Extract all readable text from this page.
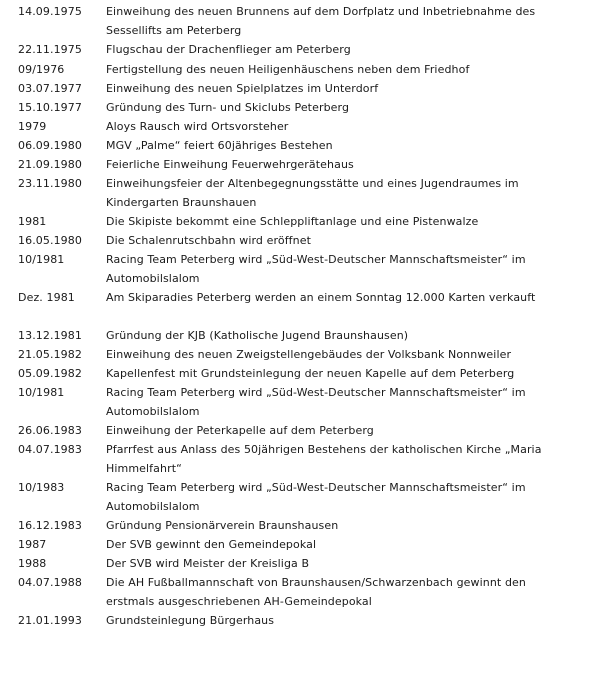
14.09.1975 Einweihung des neuen Brunnens auf dem Dorfplatz und Inbetriebnahme des Sessellifts am Peterberg
22.11.1975 Flugschau der Drachenflieger am Peterberg
09/1976	Fertigstellung des neuen Heiligenhäuschens neben dem Friedhof
03.07.1977 Einweihung des neuen Spielplatzes im Unterdorf
15.10.1977 Gründung des Turn- und Skiclubs Peterberg
1979	Aloys Rausch wird Ortsvorsteher
06.09.1980 MGV „Palme“ feiert 60jähriges Bestehen
21.09.1980 Feierliche Einweihung Feuerwehrgerätehaus
23.11.1980 Einweihungsfeier der Altenbegegnungsstätte und eines Jugendraumes im Kindergarten Braunshauen
1981	Die Skipiste bekommt eine Schleppliftanlage und eine Pistenwalze
16.05.1980 Die Schalenrutschbahn wird eröffnet
10/1981	Racing Team Peterberg wird „Süd-West-Deutscher Mannschaftsmeister“ im Automobilslalom
Dez. 1981	Am Skiparadies Peterberg werden an einem Sonntag 12.000 Karten verkauft
13.12.1981 Gründung der KJB (Katholische Jugend Braunshausen)
21.05.1982 Einweihung des neuen Zweigstellengebäudes der Volksbank Nonnweiler
05.09.1982 Kapellenfest mit Grundsteinlegung der neuen Kapelle auf dem Peterberg
10/1981	Racing Team Peterberg wird „Süd-West-Deutscher Mannschaftsmeister“ im Automobilslalom
26.06.1983 Einweihung der Peterkapelle auf dem Peterberg
04.07.1983 Pfarrfest aus Anlass des 50jährigen Bestehens der katholischen Kirche „Maria Himmelfahrt“
10/1983	Racing Team Peterberg wird „Süd-West-Deutscher Mannschaftsmeister“ im Automobilslalom
16.12.1983 Gründung Pensionärverein Braunshausen
1987	Der SVB gewinnt den Gemeindepokal
1988	Der SVB wird Meister der Kreisliga B
04.07.1988 Die AH Fußballmannschaft von Braunshausen/Schwarzenbach gewinnt den erstmals ausgeschriebenen AH-Gemeindepokal
21.01.1993 Grundsteinlegung Bürgerhaus
